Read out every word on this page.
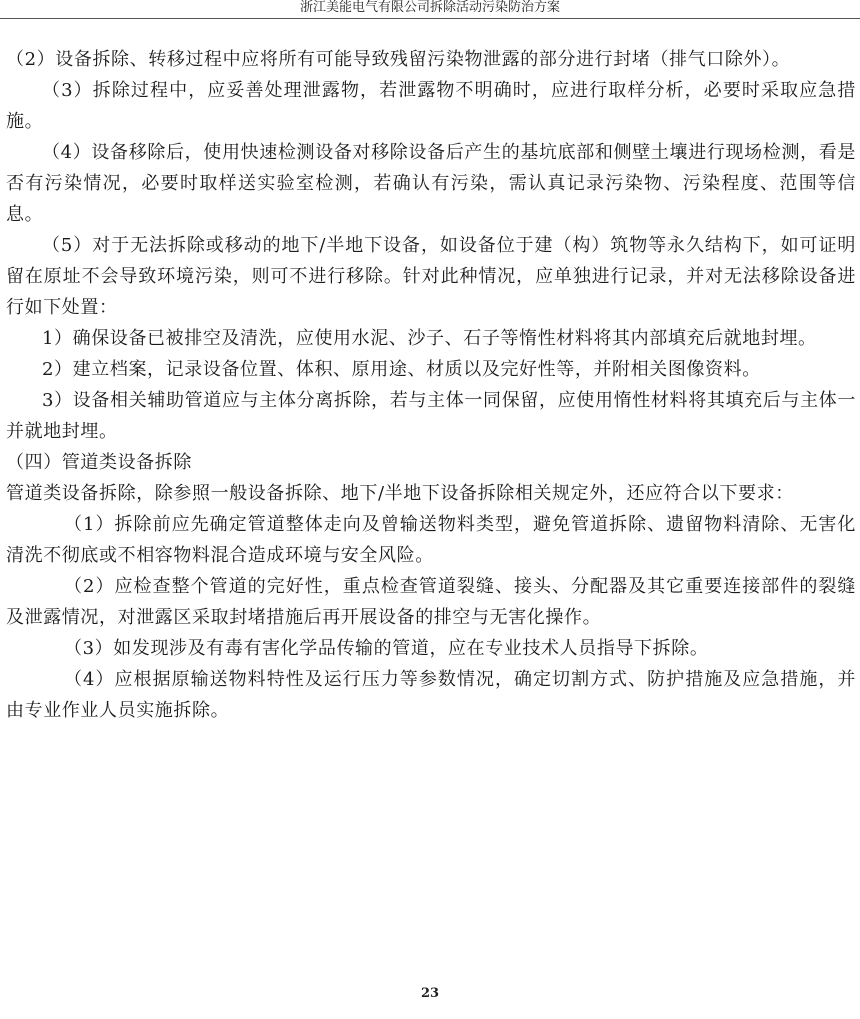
浙江美能电气有限公司拆除活动污染防治方案

（2）设备拆除、转移过程中应将所有可能导致残留污染物泄露的部分进行封堵（排气口除外）。

（3）拆除过程中，应妥善处理泄露物，若泄露物不明确时，应进行取样分析，必要时采取应急措施。

（4）设备移除后，使用快速检测设备对移除设备后产生的基坑底部和侧壁土壤进行现场检测，看是否有污染情况，必要时取样送实验室检测，若确认有污染，需认真记录污染物、污染程度、范围等信息。

（5）对于无法拆除或移动的地下/半地下设备，如设备位于建（构）筑物等永久结构下，如可证明留在原址不会导致环境污染，则可不进行移除。针对此种情况，应单独进行记录，并对无法移除设备进行如下处置：

1）确保设备已被排空及清洗，应使用水泥、沙子、石子等惰性材料将其内部填充后就地封埋。

2）建立档案，记录设备位置、体积、原用途、材质以及完好性等，并附相关图像资料。

3）设备相关辅助管道应与主体分离拆除，若与主体一同保留，应使用惰性材料将其填充后与主体一并就地封埋。

（四）管道类设备拆除

管道类设备拆除，除参照一般设备拆除、地下/半地下设备拆除相关规定外，还应符合以下要求：

（1）拆除前应先确定管道整体走向及曾输送物料类型，避免管道拆除、遗留物料清除、无害化清洗不彻底或不相容物料混合造成环境与安全风险。

（2）应检查整个管道的完好性，重点检查管道裂缝、接头、分配器及其它重要连接部件的裂缝及泄露情况，对泄露区采取封堵措施后再开展设备的排空与无害化操作。

（3）如发现涉及有毒有害化学品传输的管道，应在专业技术人员指导下拆除。

（4）应根据原输送物料特性及运行压力等参数情况，确定切割方式、防护措施及应急措施，并由专业作业人员实施拆除。

23
